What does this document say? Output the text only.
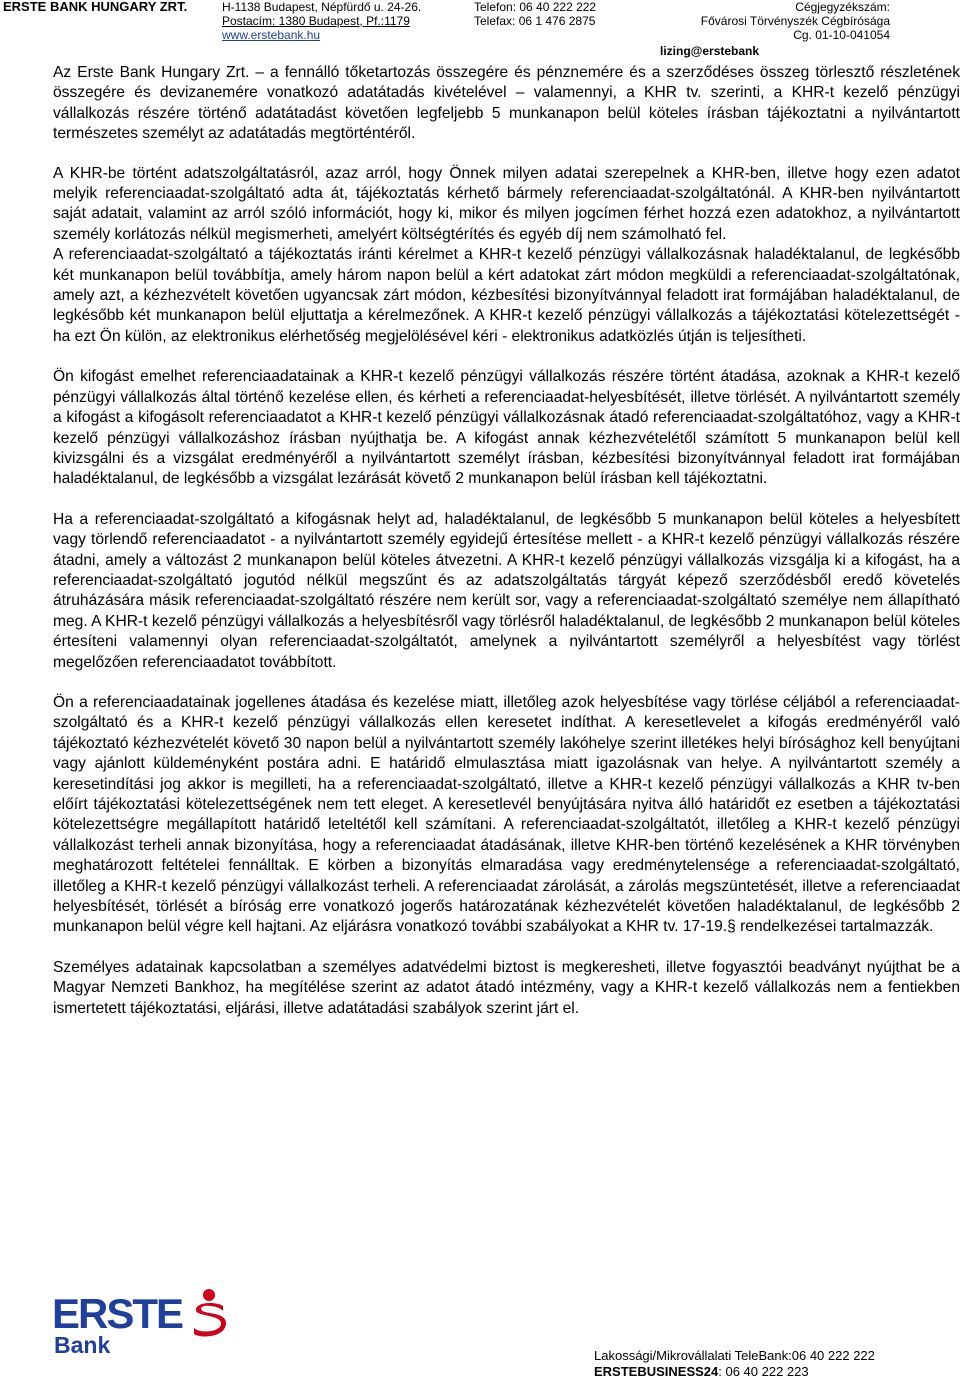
ERSTE BANK HUNGARY ZRT.	H-1138 Budapest, Népfürdő u. 24-26.
Postacím: 1380 Budapest, Pf.:1179
www.erstebank.hu
Telefon: 06 40 222 222
Telefax: 06 1 476 2875
Cégjegyzékszám:
Fővárosi Törvényszék Cégbírósága
Cg. 01-10-041054
lizing@erstebank

Az Erste Bank Hungary Zrt. – a fennálló tőketartozás összegére és pénznemére és a szerződéses összeg törlesztő részletének összegére és devizanemére vonatkozó adatátadás kivételével – valamennyi, a KHR tv. szerinti, a KHR-t kezelő pénzügyi vállalkozás részére történő adatátadást követően legfeljebb 5 munkanapon belül köteles írásban tájékoztatni a nyilvántartott természetes személyt az adatátadás megtörténtéről.

A KHR-be történt adatszolgáltatásról, azaz arról, hogy Önnek milyen adatai szerepelnek a KHR-ben, illetve hogy ezen adatot melyik referenciaadat-szolgáltató adta át, tájékoztatás kérhető bármely referenciaadat-szolgáltatónál. A KHR-ben nyilvántartott saját adatait, valamint az arról szóló információt, hogy ki, mikor és milyen jogcímen férhet hozzá ezen adatokhoz, a nyilvántartott személy korlátozás nélkül megismerheti, amelyért költségtérítés és egyéb díj nem számolható fel.
A referenciaadat-szolgáltató a tájékoztatás iránti kérelmet a KHR-t kezelő pénzügyi vállalkozásnak haladéktalanul, de legkésőbb két munkanapon belül továbbítja, amely három napon belül a kért adatokat zárt módon megküldi a referenciaadat-szolgáltatónak, amely azt, a kézhezvételt követően ugyancsak zárt módon, kézbesítési bizonyítvánnyal feladott irat formájában haladéktalanul, de legkésőbb két munkanapon belül eljuttatja a kérelmezőnek. A KHR-t kezelő pénzügyi vállalkozás a tájékoztatási kötelezettségét - ha ezt Ön külön, az elektronikus elérhetőség megjelölésével kéri - elektronikus adatközlés útján is teljesítheti.

Ön kifogást emelhet referenciaadatainak a KHR-t kezelő pénzügyi vállalkozás részére történt átadása, azoknak a KHR-t kezelő pénzügyi vállalkozás által történő kezelése ellen, és kérheti a referenciaadat-helyesbítését, illetve törlését. A nyilvántartott személy a kifogást a kifogásolt referenciaadatot a KHR-t kezelő pénzügyi vállalkozásnak átadó referenciaadat-szolgáltatóhoz, vagy a KHR-t kezelő pénzügyi vállalkozáshoz írásban nyújthatja be. A kifogást annak kézhezvételétől számított 5 munkanapon belül kell kivizsgálni és a vizsgálat eredményéről a nyilvántartott személyt írásban, kézbesítési bizonyítvánnyal feladott irat formájában haladéktalanul, de legkésőbb a vizsgálat lezárását követő 2 munkanapon belül írásban kell tájékoztatni.

Ha a referenciaadat-szolgáltató a kifogásnak helyt ad, haladéktalanul, de legkésőbb 5 munkanapon belül köteles a helyesbített vagy törlendő referenciaadatot - a nyilvántartott személy egyidejű értesítése mellett - a KHR-t kezelő pénzügyi vállalkozás részére átadni, amely a változást 2 munkanapon belül köteles átvezetni. A KHR-t kezelő pénzügyi vállalkozás vizsgálja ki a kifogást, ha a referenciaadat-szolgáltató jogutód nélkül megszűnt és az adatszolgáltatás tárgyát képező szerződésből eredő követelés átruházására másik referenciaadat-szolgáltató részére nem került sor, vagy a referenciaadat-szolgáltató személye nem állapítható meg. A KHR-t kezelő pénzügyi vállalkozás a helyesbítésről vagy törlésről haladéktalanul, de legkésőbb 2 munkanapon belül köteles értesíteni valamennyi olyan referenciaadat-szolgáltatót, amelynek a nyilvántartott személyről a helyesbítést vagy törlést megelőzően referenciaadatot továbbított.

Ön a referenciaadatainak jogellenes átadása és kezelése miatt, illetőleg azok helyesbítése vagy törlése céljából a referenciaadat-szolgáltató és a KHR-t kezelő pénzügyi vállalkozás ellen keresetet indíthat. A keresetlevelet a kifogás eredményéről való tájékoztató kézhezvételét követő 30 napon belül a nyilvántartott személy lakóhelye szerint illetékes helyi bírósághoz kell benyújtani vagy ajánlott küldeményként postára adni. E határidő elmulasztása miatt igazolásnak van helye. A nyilvántartott személy a keresetindítási jog akkor is megilleti, ha a referenciaadat-szolgáltató, illetve a KHR-t kezelő pénzügyi vállalkozás a KHR tv-ben előírt tájékoztatási kötelezettségének nem tett eleget. A keresetlevél benyújtására nyitva álló határidőt ez esetben a tájékoztatási kötelezettségre megállapított határidő leteltétől kell számítani. A referenciaadat-szolgáltatót, illetőleg a KHR-t kezelő pénzügyi vállalkozást terheli annak bizonyítása, hogy a referenciaadat átadásának, illetve KHR-ben történő kezelésének a KHR törvényben meghatározott feltételei fennálltak. E körben a bizonyítás elmaradása vagy eredménytelensége a referenciaadat-szolgáltató, illetőleg a KHR-t kezelő pénzügyi vállalkozást terheli. A referenciaadat zárolását, a zárolás megszüntetését, illetve a referenciaadat helyesbítését, törlését a bíróság erre vonatkozó jogerős határozatának kézhezvételét követően haladéktalanul, de legkésőbb 2 munkanapon belül végre kell hajtani. Az eljárásra vonatkozó további szabályokat a KHR tv. 17-19.§ rendelkezései tartalmazzák.

Személyes adatainak kapcsolatban a személyes adatvédelmi biztost is megkeresheti, illetve fogyasztói beadványt nyújthat be a Magyar Nemzeti Bankhoz, ha megítélése szerint az adatot átadó intézmény, vagy a KHR-t kezelő vállalkozás nem a fentiekben ismertetett tájékoztatási, eljárási, illetve adatátadási szabályok szerint járt el.

ERSTE
Bank	Lakossági/Mikrovállalati TeleBank:06 40 222 222
ERSTEBUSINESS24: 06 40 222 223
